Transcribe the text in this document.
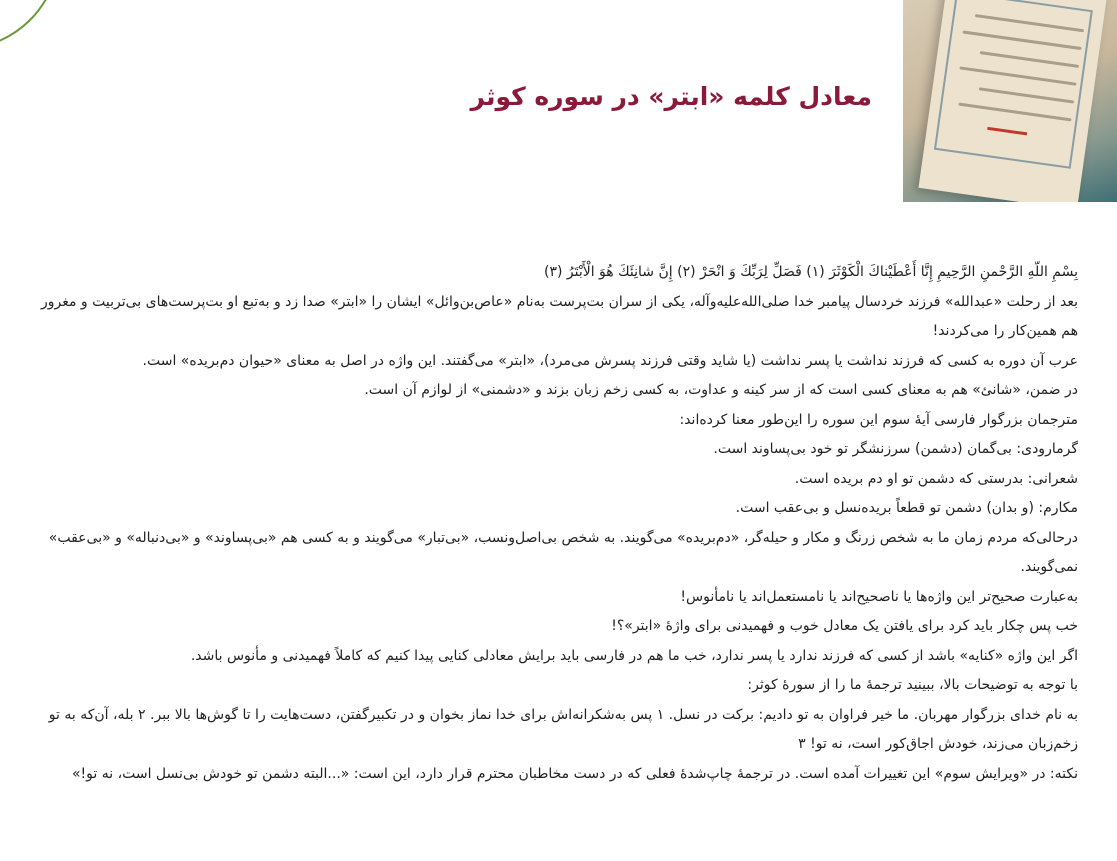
معادل کلمه «ابتر» در سوره کوثر

بِسْمِ اللّهِ الرَّحْمنِ الرَّحِيمِ إِنَّا أَعْطَيْناكَ الْكَوْثَرَ (۱) فَصَلِّ لِرَبِّكَ وَ انْحَرْ (۲) إِنَّ شانِئَكَ هُوَ الْأَبْتَرُ (۳)

بعد از رحلت «عبدالله» فرزند خردسال پیامبر خدا صلی‌الله‌علیه‌وآله، یکی از سران بت‌پرست به‌نام «عاص‌بن‌وائل» ایشان را «ابتر» صدا زد و به‌تبع او بت‌پرست‌های بی‌تربیت و مغرور هم همین‌کار را می‌کردند!

عرب آن دوره به کسی که فرزند نداشت یا پسر نداشت (یا شاید وقتی فرزند پسرش می‌مرد)، «ابتر» می‌گفتند. این واژه در اصل به معنای «حیوان دم‌بریده» است.

در ضمن، «شانئ» هم به معنای کسی است که از سر کینه و عداوت، به کسی زخم زبان بزند و «دشمنی» از لوازم آن است.

مترجمان بزرگوار فارسی آیهٔ سوم این سوره را این‌طور معنا کرده‌اند:

گرمارودی: بی‌گمان (دشمن) سرزنشگر تو خود بی‌پساوند است.

شعرانی: بدرستی که دشمن تو او دم بریده است.

مکارم: (و بدان) دشمن تو قطعاً بریده‌نسل و بی‌عقب است.

درحالی‌که مردم زمان ما به شخص زرنگ و مکار و حیله‌گر، «دم‌بریده» می‌گویند. به شخص بی‌اصل‌ونسب، «بی‌تبار» می‌گویند و به کسی هم «بی‌پساوند» و «بی‌دنباله» و «بی‌عقب» نمی‌گویند.

به‌عبارت صحیح‌تر این واژه‌ها یا ناصحیح‌اند یا نامستعمل‌اند یا نامأنوس!

خب پس چکار باید کرد برای یافتن یک معادل خوب و فهمیدنی برای واژهٔ «ابتر»؟!

اگر این واژه «کنایه» باشد از کسی که فرزند ندارد یا پسر ندارد، خب ما هم در فارسی باید برایش معادلی کنایی پیدا کنیم که کاملاً فهمیدنی و مأنوس باشد.

با توجه به توضیحات بالا، ببینید ترجمهٔ ما را از سورهٔ کوثر:

به نام خدای بزرگوار مهربان. ما خیر فراوان به تو دادیم: برکت در نسل. ۱ پس به‌شکرانه‌اش برای خدا نماز بخوان و در تکبیرگفتن، دست‌هایت را تا گوش‌ها بالا ببر. ۲ بله، آن‌که به تو زخم‌زبان می‌زند، خودش اجاق‌کور است، نه تو! ۳

نکته: در «ویرایش سوم» این تغییرات آمده است. در ترجمهٔ چاپ‌شدهٔ فعلی که در دست مخاطبان محترم قرار دارد، این است: «...البته دشمن تو خودش بی‌نسل است، نه تو!»
